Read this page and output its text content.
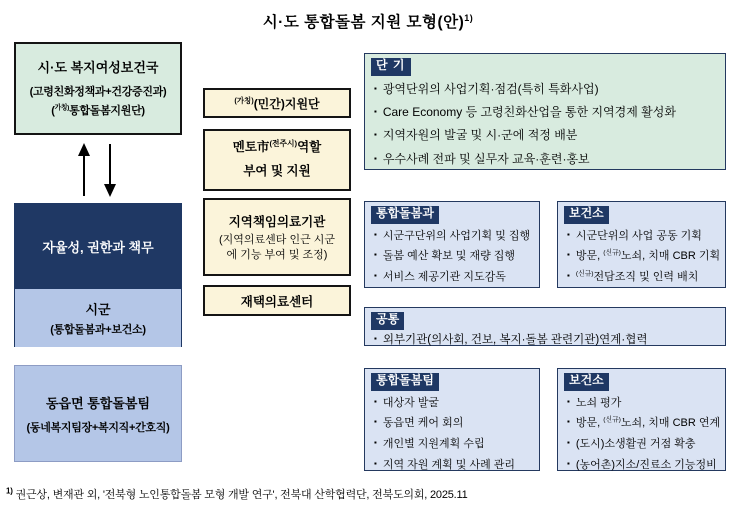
시·도 통합돌봄 지원 모형(안)$^{1)}$
시·도 복지여성보건국
(고령친화정책과+건강증진과)
($^{가칭)}$통합돌봄지원단)
자율성, 권한과 책무
시군
(통합돌봄과+보건소)
동읍면 통합돌봄팀
(동네복지팀장+복지직+간호직)
$^{(가칭)}$(민간)지원단
멘토市$^{(전주시)}$역할
부여 및 지원
지역책임의료기관
(지역의료센타 인근 시군에 기능 부여 및 조정)
재택의료센터
단 기
▪ 광역단위의 사업기획·점검(특히 특화사업)
▪ Care Economy 등 고령친화산업을 통한 지역경제 활성화
▪ 지역자원의 발굴 및 시·군에 적정 배분
▪ 우수사례 전파 및 실무자 교육·훈련·홍보
통합돌봄과
▪ 시군구단위의 사업기획 및 집행
▪ 돌봄 예산 확보 및 재량 집행
▪ 서비스 제공기관 지도감독
보건소
▪ 시군단위의 사업 공동 기획
▪ 방문, $^{(신규)}$노쇠, 치매 CBR 기획
▪ $^{(신규)}$전담조직 및 인력 배치
공통
▪ 외부기관(의사회, 건보, 복지·돌봄 관련기관)연계·협력
통합돌봄팀
▪ 대상자 발굴
▪ 동읍면 케어 회의
▪ 개인별 지원계획 수립
▪ 지역 자원 계획 및 사례 관리
보건소
▪ 노쇠 평가
▪ 방문, $^{(신규)}$노쇠, 치매 CBR 연계
▪ (도시)소생활권 거점 확충
▪ (농어촌)지소/진료소 기능정비
$^{1)}$ 권근상, 변재관 외, '전북형 노인통합돌봄 모형 개발 연구', 전북대 산학협력단, 전북도의회, 2025.11
